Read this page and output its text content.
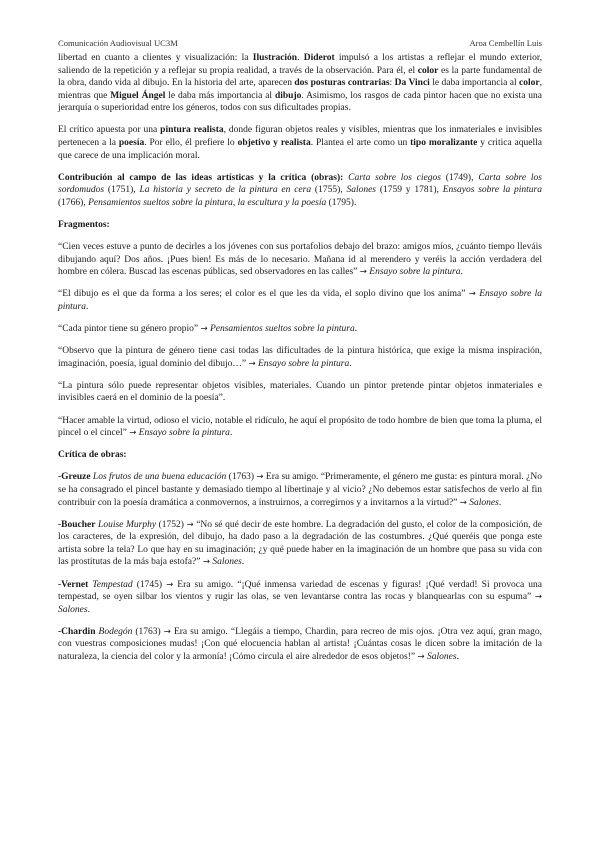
Comunicación Audiovisual UC3M	Aroa Cembellín Luis

libertad en cuanto a clientes y visualización: la Ilustración. Diderot impulsó a los artistas a reflejar el mundo exterior, saliendo de la repetición y a reflejar su propia realidad, a través de la observación. Para él, el color es la parte fundamental de la obra, dando vida al dibujo. En la historia del arte, aparecen dos posturas contrarias: Da Vinci le daba importancia al color, mientras que Miguel Ángel le daba más importancia al dibujo. Asimismo, los rasgos de cada pintor hacen que no exista una jerarquía o superioridad entre los géneros, todos con sus dificultades propias.

El crítico apuesta por una pintura realista, donde figuran objetos reales y visibles, mientras que los inmateriales e invisibles pertenecen a la poesía. Por ello, él prefiere lo objetivo y realista. Plantea el arte como un tipo moralizante y critica aquella que carece de una implicación moral.

Contribución al campo de las ideas artísticas y la crítica (obras): Carta sobre los ciegos (1749), Carta sobre los sordomudos (1751), La historia y secreto de la pintura en cera (1755), Salones (1759 y 1781), Ensayos sobre la pintura (1766), Pensamientos sueltos sobre la pintura, la escultura y la poesía (1795).

Fragmentos:

“Cien veces estuve a punto de decirles a los jóvenes con sus portafolios debajo del brazo: amigos míos, ¿cuánto tiempo lleváis dibujando aquí? Dos años. ¡Pues bien! Es más de lo necesario. Mañana id al merendero y veréis la acción verdadera del hombre en cólera. Buscad las escenas públicas, sed observadores en las calles” → Ensayo sobre la pintura.

“El dibujo es el que da forma a los seres; el color es el que les da vida, el soplo divino que los anima” → Ensayo sobre la pintura.

“Cada pintor tiene su género propio” → Pensamientos sueltos sobre la pintura.

“Observo que la pintura de género tiene casi todas las dificultades de la pintura histórica, que exige la misma inspiración, imaginación, poesía, igual dominio del dibujo…” → Ensayo sobre la pintura.

“La pintura sólo puede representar objetos visibles, materiales. Cuando un pintor pretende pintar objetos inmateriales e invisibles caerá en el dominio de la poesía”.

“Hacer amable la virtud, odioso el vicio, notable el ridículo, he aquí el propósito de todo hombre de bien que toma la pluma, el pincel o el cincel” → Ensayo sobre la pintura.

Crítica de obras:

-Greuze Los frutos de una buena educación (1763) → Era su amigo. “Primeramente, el género me gusta: es pintura moral. ¿No se ha consagrado el pincel bastante y demasiado tiempo al libertinaje y al vicio? ¿No debemos estar satisfechos de verlo al fin contribuir con la poesía dramática a conmovernos, a instruirnos, a corregirnos y a invitarnos a la virtud?” → Salones.

-Boucher Louise Murphy (1752) → “No sé qué decir de este hombre. La degradación del gusto, el color de la composición, de los caracteres, de la expresión, del dibujo, ha dado paso a la degradación de las costumbres. ¿Qué queréis que ponga este artista sobre la tela? Lo que hay en su imaginación; ¿y qué puede haber en la imaginación de un hombre que pasa su vida con las prostitutas de la más baja estofa?” → Salones.

-Vernet Tempestad (1745) → Era su amigo. “¡Qué inmensa variedad de escenas y figuras! ¡Qué verdad! Si provoca una tempestad, se oyen silbar los vientos y rugir las olas, se ven levantarse contra las rocas y blanquearlas con su espuma” → Salones.

-Chardin Bodegón (1763) → Era su amigo. “Llegáis a tiempo, Chardin, para recreo de mis ojos. ¡Otra vez aquí, gran mago, con vuestras composiciones mudas! ¡Con qué elocuencia hablan al artista! ¡Cuántas cosas le dicen sobre la imitación de la naturaleza, la ciencia del color y la armonía! ¡Cómo circula el aire alrededor de esos objetos!” → Salones.
